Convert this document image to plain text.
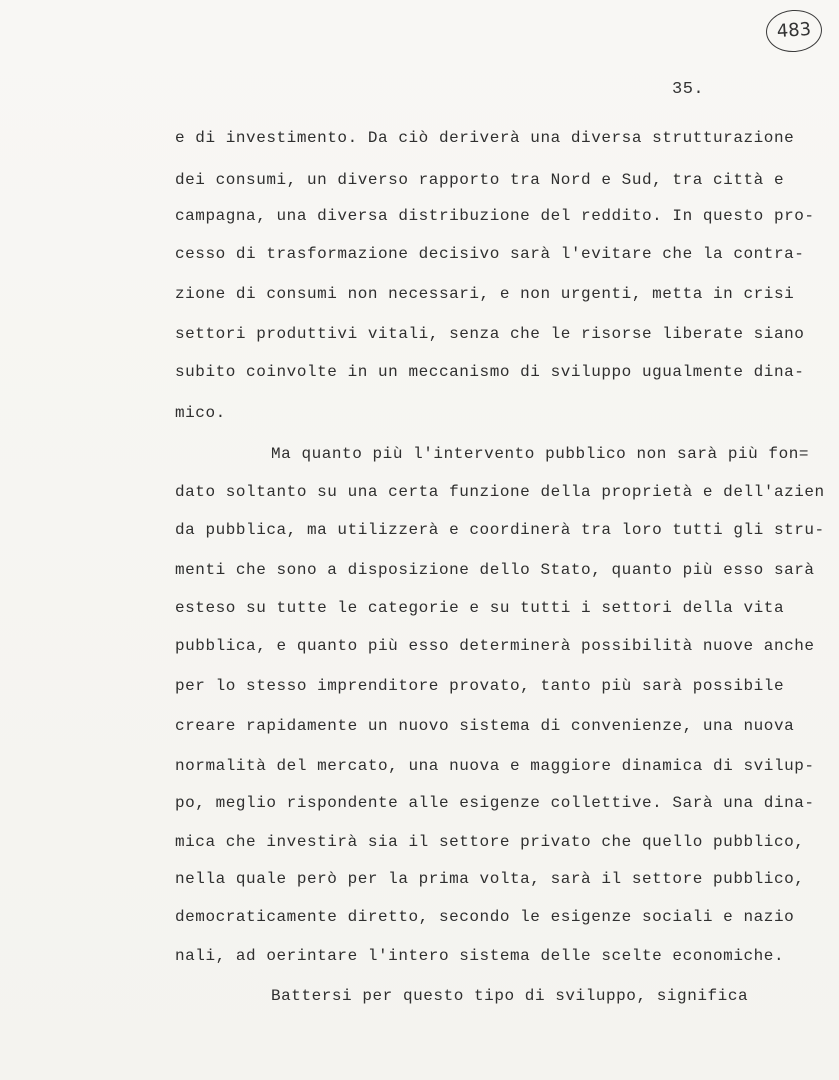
483
35.
e di investimento. Da ciò deriverà una diversa strutturazione
dei consumi, un diverso rapporto tra Nord e Sud, tra città e
campagna, una diversa distribuzione del reddito. In questo pro-
cesso di trasformazione decisivo sarà l'evitare che la contra-
zione di consumi non necessari, e non urgenti, metta in crisi
settori produttivi vitali, senza che le risorse liberate siano
subito coinvolte in un meccanismo di sviluppo ugualmente dina-
mico.
Ma quanto più l'intervento pubblico non sarà più fon=
dato soltanto su una certa funzione della proprietà e dell'azien
da pubblica, ma utilizzerà e coordinerà tra loro tutti gli stru-
menti che sono a disposizione dello Stato, quanto più esso sarà
esteso su tutte le categorie e su tutti i settori della vita
pubblica, e quanto più esso determinerà possibilità nuove anche
per lo stesso imprenditore provato, tanto più sarà possibile
creare rapidamente un nuovo sistema di convenienze, una nuova
normalità del mercato, una nuova e maggiore dinamica di svilup-
po, meglio rispondente alle esigenze collettive. Sarà una dina-
mica che investirà sia il settore privato che quello pubblico,
nella quale però per la prima volta, sarà il settore pubblico,
democraticamente diretto, secondo le esigenze sociali e nazio
nali, ad oerintare l'intero sistema delle scelte economiche.
Battersi per questo tipo di sviluppo, significa
